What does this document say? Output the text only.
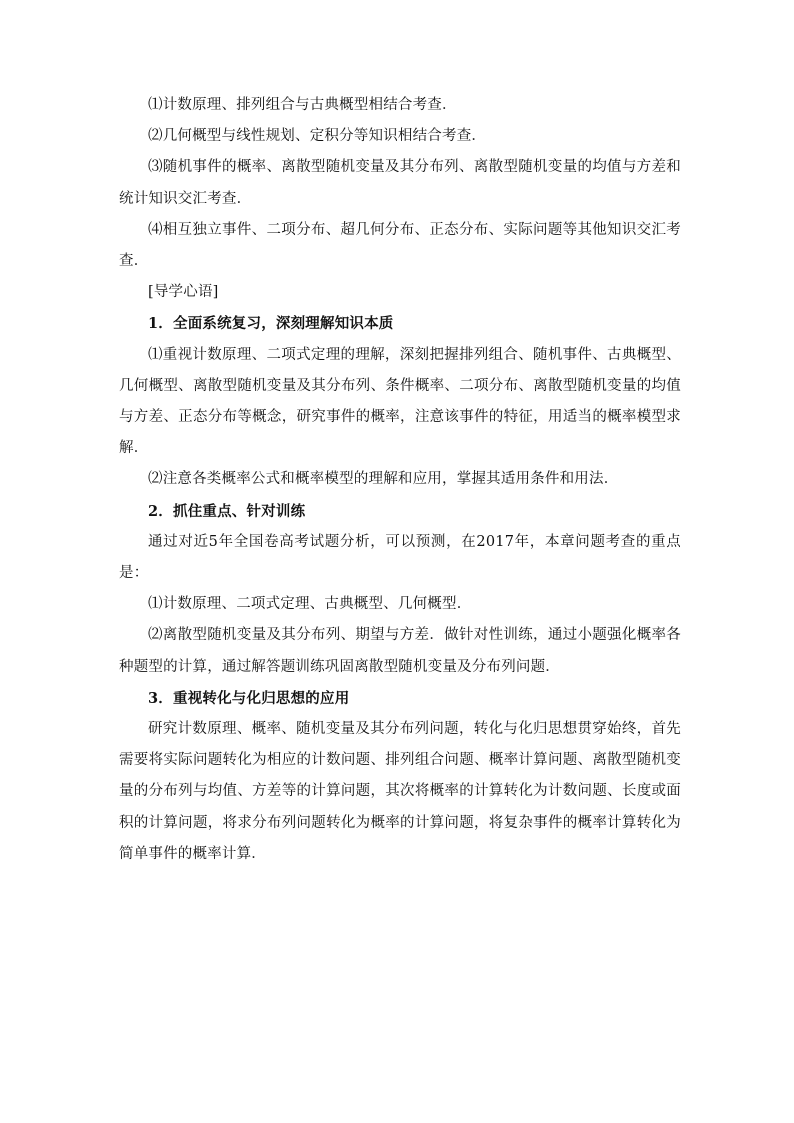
⑴计数原理、排列组合与古典概型相结合考查．

⑵几何概型与线性规划、定积分等知识相结合考查．

⑶随机事件的概率、离散型随机变量及其分布列、离散型随机变量的均值与方差和统计知识交汇考查．

⑷相互独立事件、二项分布、超几何分布、正态分布、实际问题等其他知识交汇考查．

[导学心语]

1．全面系统复习，深刻理解知识本质

⑴重视计数原理、二项式定理的理解，深刻把握排列组合、随机事件、古典概型、几何概型、离散型随机变量及其分布列、条件概率、二项分布、离散型随机变量的均值与方差、正态分布等概念，研究事件的概率，注意该事件的特征，用适当的概率模型求解．

⑵注意各类概率公式和概率模型的理解和应用，掌握其适用条件和用法．

2．抓住重点、针对训练

通过对近5年全国卷高考试题分析，可以预测，在2017年，本章问题考查的重点是：

⑴计数原理、二项式定理、古典概型、几何概型．

⑵离散型随机变量及其分布列、期望与方差．做针对性训练，通过小题强化概率各种题型的计算，通过解答题训练巩固离散型随机变量及分布列问题．

3．重视转化与化归思想的应用

研究计数原理、概率、随机变量及其分布列问题，转化与化归思想贯穿始终，首先需要将实际问题转化为相应的计数问题、排列组合问题、概率计算问题、离散型随机变量的分布列与均值、方差等的计算问题，其次将概率的计算转化为计数问题、长度或面积的计算问题，将求分布列问题转化为概率的计算问题，将复杂事件的概率计算转化为简单事件的概率计算．
